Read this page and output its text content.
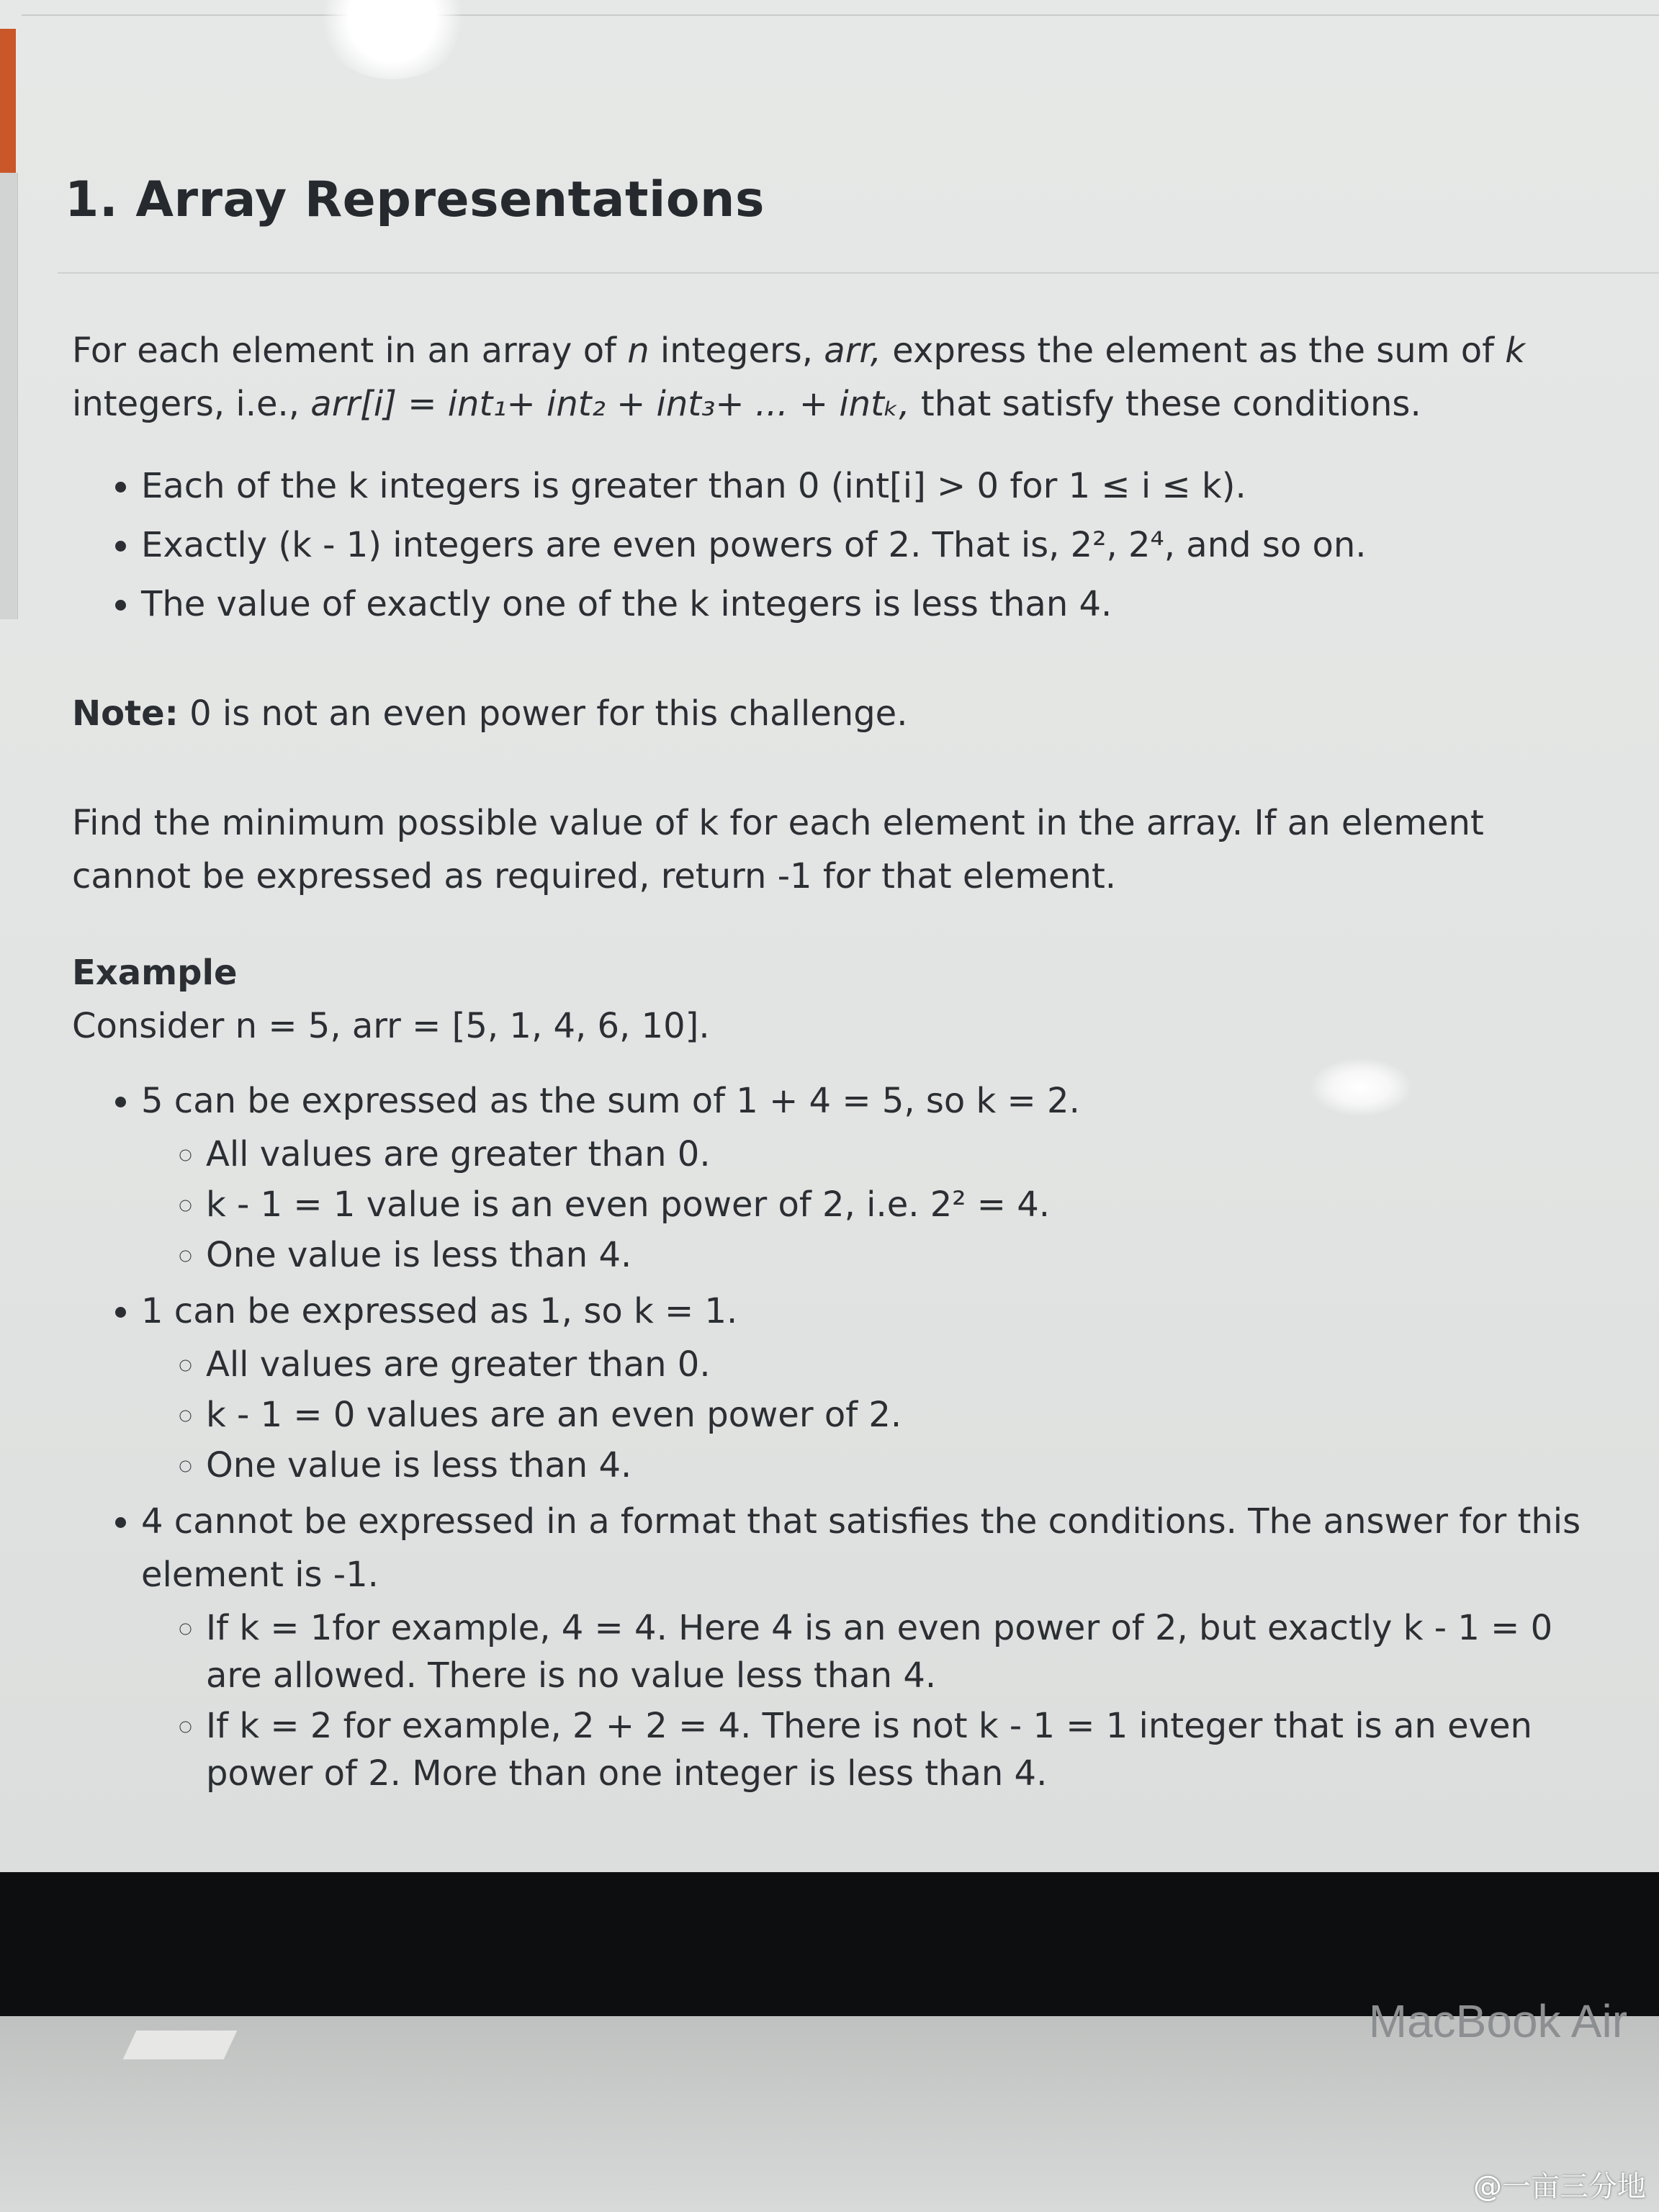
1. Array Representations

For each element in an array of n integers, arr, express the element as the sum of k integers, i.e., arr[i] = int₁+ int₂ + int₃+ ... + intₖ, that satisfy these conditions.

• Each of the k integers is greater than 0 (int[i] > 0 for 1 ≤ i ≤ k).
• Exactly (k - 1) integers are even powers of 2. That is, 2², 2⁴, and so on.
• The value of exactly one of the k integers is less than 4.

Note: 0 is not an even power for this challenge.

Find the minimum possible value of k for each element in the array. If an element cannot be expressed as required, return -1 for that element.

Example

Consider n = 5, arr = [5, 1, 4, 6, 10].

• 5 can be expressed as the sum of 1 + 4 = 5, so k = 2.
◦ All values are greater than 0.
◦ k - 1 = 1 value is an even power of 2, i.e. 2² = 4.
◦ One value is less than 4.
• 1 can be expressed as 1, so k = 1.
◦ All values are greater than 0.
◦ k - 1 = 0 values are an even power of 2.
◦ One value is less than 4.
• 4 cannot be expressed in a format that satisfies the conditions. The answer for this element is -1.
◦ If k = 1for example, 4 = 4. Here 4 is an even power of 2, but exactly k - 1 = 0 are allowed. There is no value less than 4.
◦ If k = 2 for example, 2 + 2 = 4. There is not k - 1 = 1 integer that is an even power of 2. More than one integer is less than 4.
MacBook Air
@一亩三分地
